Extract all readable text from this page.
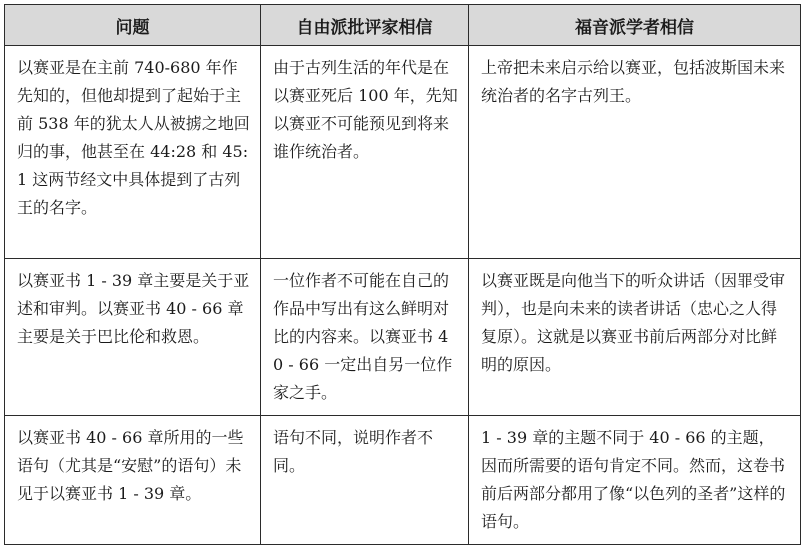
问题	自由派批评家相信	福音派学者相信
以赛亚是在主前 740-680 年作先知的，但他却提到了起始于主前 538 年的犹太人从被掳之地回归的事，他甚至在 44:28 和 45:1 这两节经文中具体提到了古列王的名字。	由于古列生活的年代是在以赛亚死后 100 年，先知以赛亚不可能预见到将来谁作统治者。	上帝把未来启示给以赛亚，包括波斯国未来统治者的名字古列王。
以赛亚书 1 - 39 章主要是关于亚述和审判。以赛亚书 40 - 66 章主要是关于巴比伦和救恩。	一位作者不可能在自己的作品中写出有这么鲜明对比的内容来。以赛亚书 40 - 66 一定出自另一位作家之手。	以赛亚既是向他当下的听众讲话（因罪受审判），也是向未来的读者讲话（忠心之人得复原）。这就是以赛亚书前后两部分对比鲜明的原因。
以赛亚书 40 - 66 章所用的一些语句（尤其是“安慰”的语句）未见于以赛亚书 1 - 39 章。	语句不同，说明作者不同。	1 - 39 章的主题不同于 40 - 66 的主题，因而所需要的语句肯定不同。然而，这卷书前后两部分都用了像“以色列的圣者”这样的语句。
